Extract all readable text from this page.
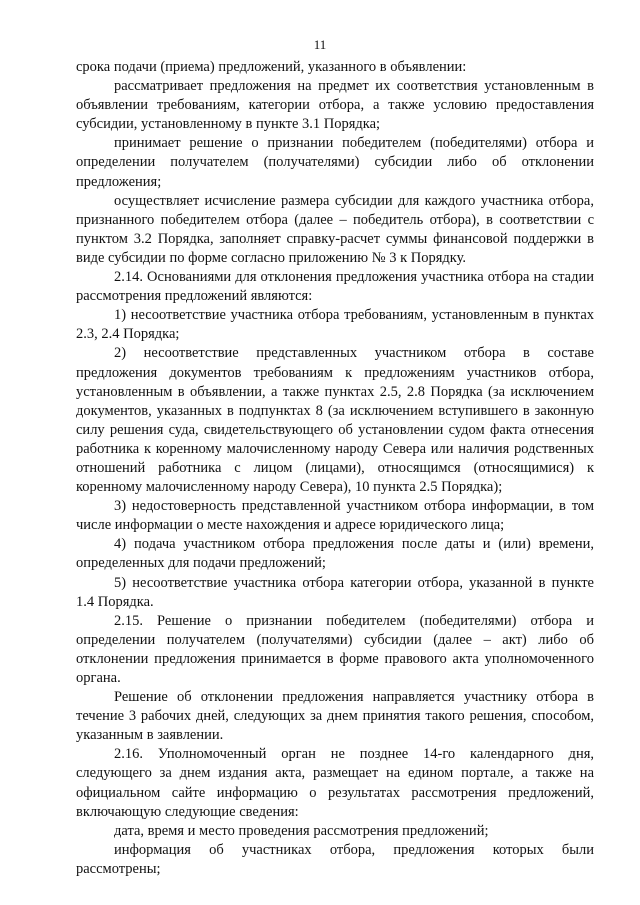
11

срока подачи (приема) предложений, указанного в объявлении:

рассматривает предложения на предмет их соответствия установленным в объявлении требованиям, категории отбора, а также условию предоставления субсидии, установленному в пункте 3.1 Порядка;

принимает решение о признании победителем (победителями) отбора и определении получателем (получателями) субсидии либо об отклонении предложения;

осуществляет исчисление размера субсидии для каждого участника отбора, признанного победителем отбора (далее – победитель отбора), в соответствии с пунктом 3.2 Порядка, заполняет справку-расчет суммы финансовой поддержки в виде субсидии по форме согласно приложению № 3 к Порядку.

2.14. Основаниями для отклонения предложения участника отбора на стадии рассмотрения предложений являются:

1) несоответствие участника отбора требованиям, установленным в пунктах 2.3, 2.4 Порядка;

2) несоответствие представленных участником отбора в составе предложения документов требованиям к предложениям участников отбора, установленным в объявлении, а также пунктах 2.5, 2.8 Порядка (за исключением документов, указанных в подпунктах 8 (за исключением вступившего в законную силу решения суда, свидетельствующего об установлении судом факта отнесения работника к коренному малочисленному народу Севера или наличия родственных отношений работника с лицом (лицами), относящимся (относящимися) к коренному малочисленному народу Севера), 10 пункта 2.5 Порядка);

3) недостоверность представленной участником отбора информации, в том числе информации о месте нахождения и адресе юридического лица;

4) подача участником отбора предложения после даты и (или) времени, определенных для подачи предложений;

5) несоответствие участника отбора категории отбора, указанной в пункте 1.4 Порядка.

2.15. Решение о признании победителем (победителями) отбора и определении получателем (получателями) субсидии (далее – акт) либо об отклонении предложения принимается в форме правового акта уполномоченного органа.

Решение об отклонении предложения направляется участнику отбора в течение 3 рабочих дней, следующих за днем принятия такого решения, способом, указанным в заявлении.

2.16. Уполномоченный орган не позднее 14-го календарного дня, следующего за днем издания акта, размещает на едином портале, а также на официальном сайте информацию о результатах рассмотрения предложений, включающую следующие сведения:

дата, время и место проведения рассмотрения предложений;

информация об участниках отбора, предложения которых были рассмотрены;
